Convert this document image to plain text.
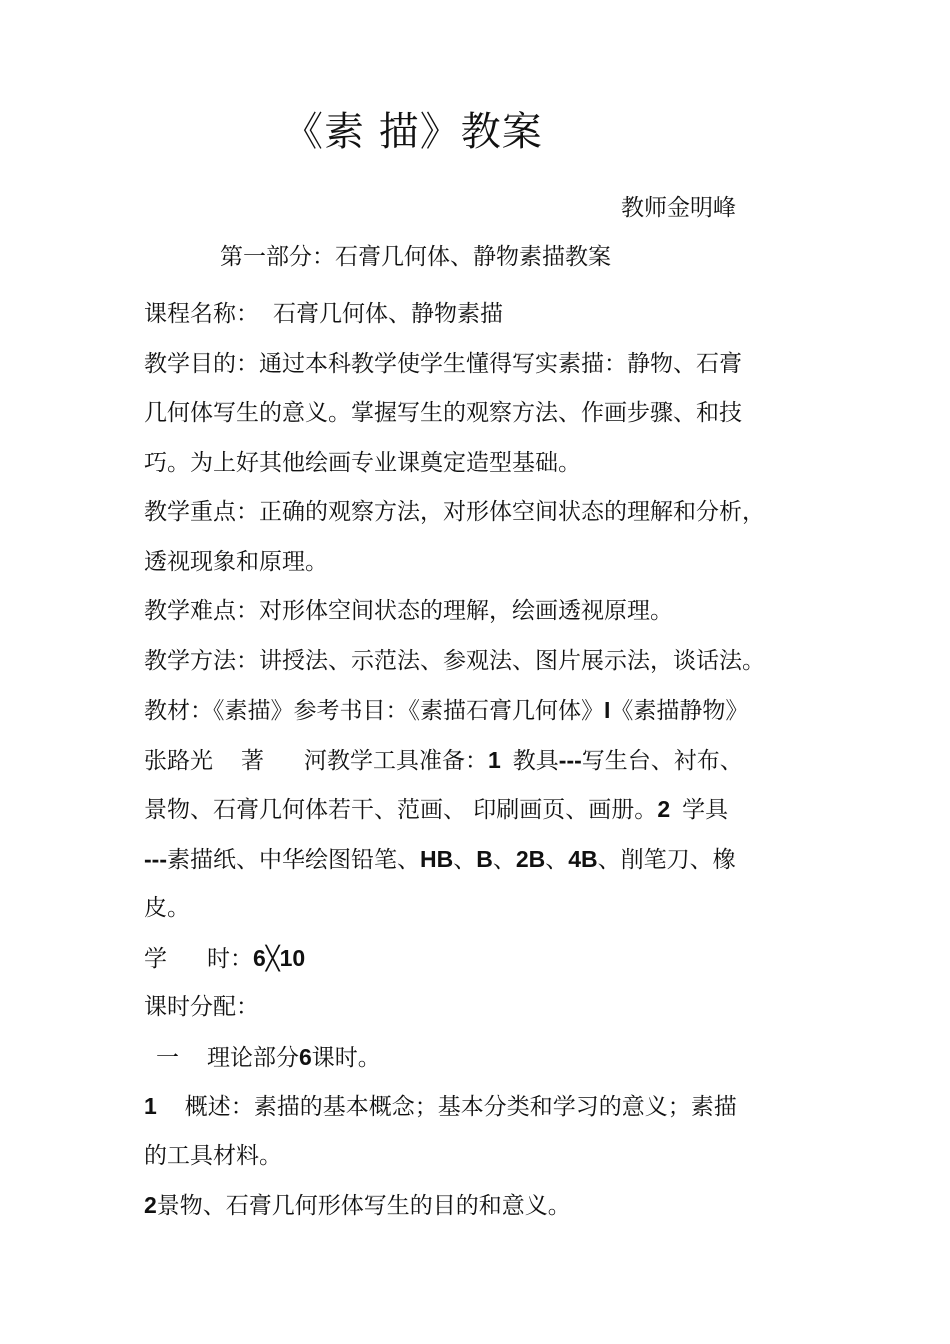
《素 描》教案
教师金明峰
第一部分：石膏几何体、静物素描教案
课程名称： 石膏几何体、静物素描
教学目的：通过本科教学使学生懂得写实素描：静物、石膏
几何体写生的意义。掌握写生的观察方法、作画步骤、和技
巧。为上好其他绘画专业课奠定造型基础。
教学重点：正确的观察方法，对形体空间状态的理解和分析，
透视现象和原理。
教学难点：对形体空间状态的理解，绘画透视原理。
教学方法：讲授法、示范法、参观法、图片展示法，谈话法。
教材：《素描》参考书目：《素描石膏几何体》I《素描静物》
张路光 著 河教学工具准备：1 教具---写生台、衬布、
景物、石膏几何体若干、范画、 印刷画页、画册。2 学具
---素描纸、中华绘图铅笔、HB、B、2B、4B、削笔刀、橡
皮。
学 时：6╳10
课时分配：
一 理论部分6课时。
1 概述：素描的基本概念；基本分类和学习的意义；素描
的工具材料。
2景物、石膏几何形体写生的目的和意义。
